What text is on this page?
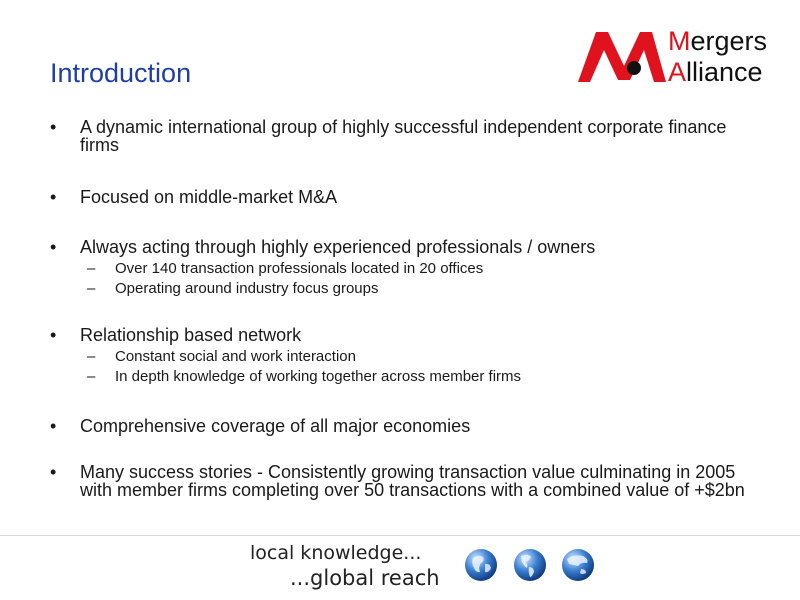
Introduction
Mergers
Alliance
• A dynamic international group of highly successful independent corporate finance firms
• Focused on middle-market M&A
• Always acting through highly experienced professionals / owners
– Over 140 transaction professionals located in 20 offices
– Operating around industry focus groups
• Relationship based network
– Constant social and work interaction
– In depth knowledge of working together across member firms
• Comprehensive coverage of all major economies
• Many success stories - Consistently growing transaction value culminating in 2005 with member firms completing over 50 transactions with a combined value of +$2bn
local knowledge...
...global reach
